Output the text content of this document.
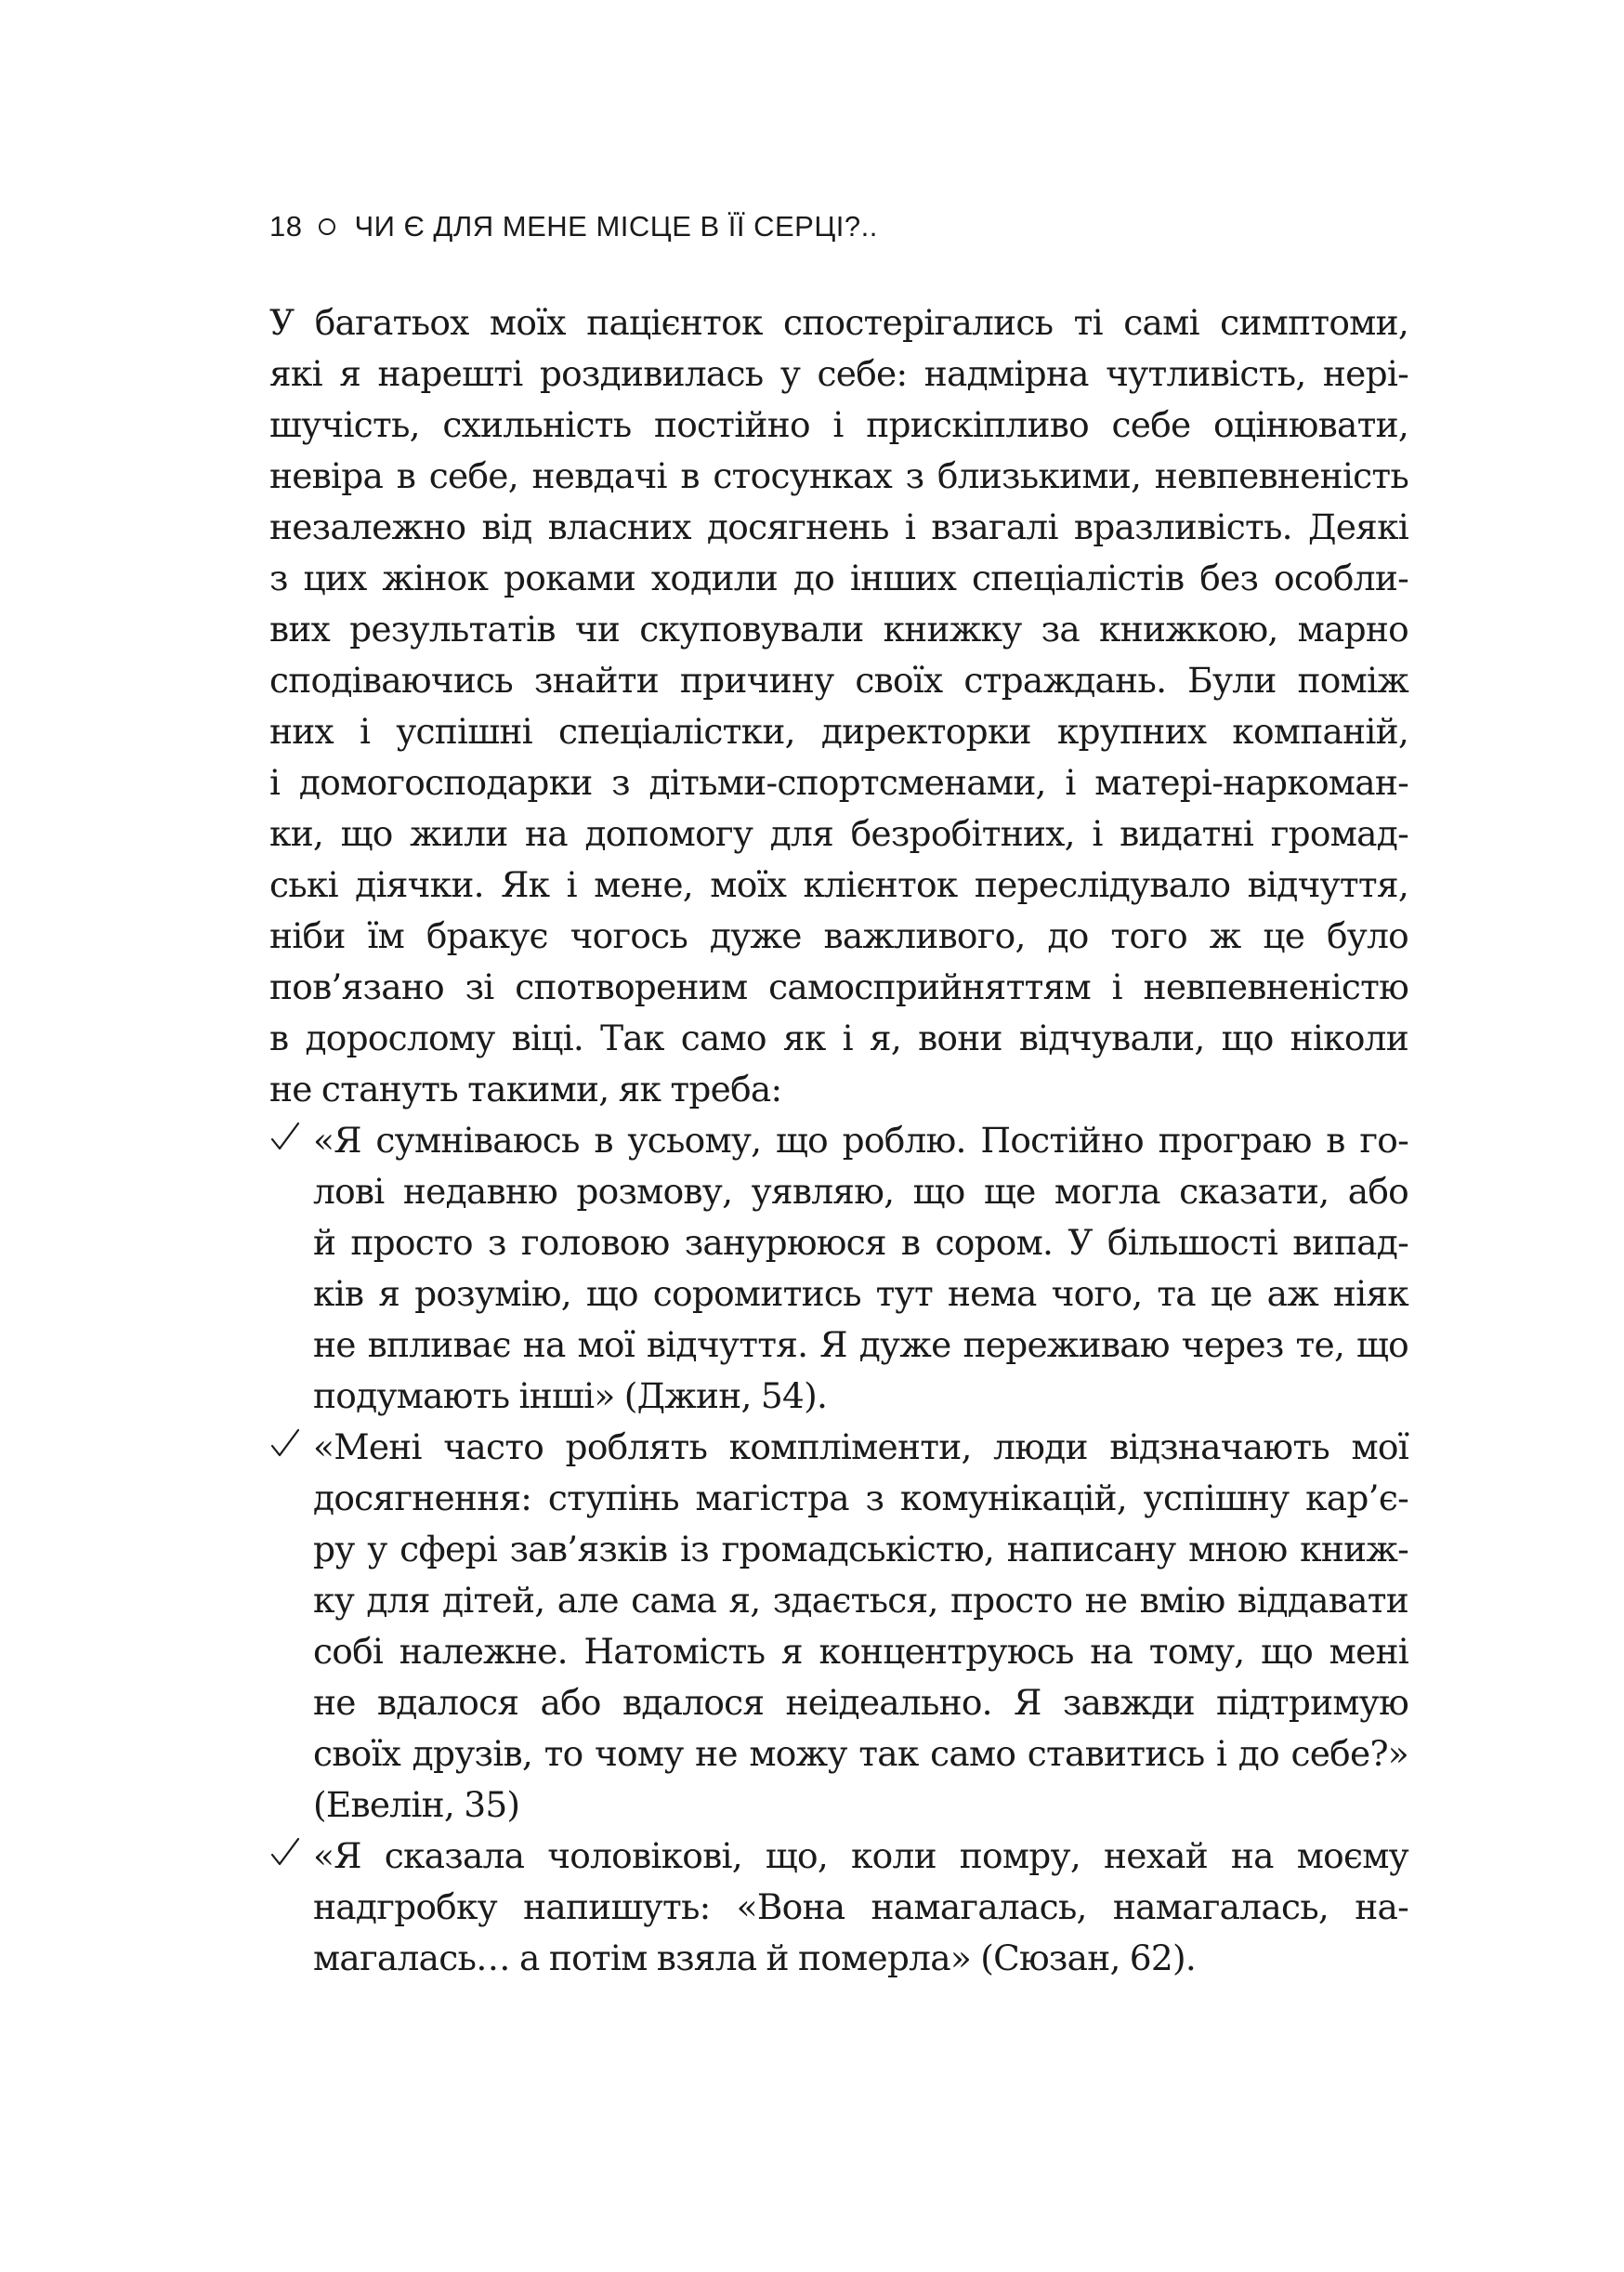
18 ЧИ Є ДЛЯ МЕНЕ МІСЦЕ В ЇЇ СЕРЦІ?..
У багатьох моїх пацієнток спостерігались ті самі симптоми,
які я нарешті роздивилась у себе: надмірна чутливість, нері-
шучість, схильність постійно і прискіпливо себе оцінювати,
невіра в себе, невдачі в стосунках з близькими, невпевненість
незалежно від власних досягнень і взагалі вразливість. Деякі
з цих жінок роками ходили до інших спеціалістів без особли-
вих результатів чи скуповували книжку за книжкою, марно
сподіваючись знайти причину своїх страждань. Були поміж
них і успішні спеціалістки, директорки крупних компаній,
і домогосподарки з дітьми-спортсменами, і матері-наркоман-
ки, що жили на допомогу для безробітних, і видатні громад-
ські діячки. Як і мене, моїх клієнток переслідувало відчуття,
ніби їм бракує чогось дуже важливого, до того ж це було
пов’язано зі спотвореним самосприйняттям і невпевненістю
в дорослому віці. Так само як і я, вони відчували, що ніколи
не стануть такими, як треба:
«Я сумніваюсь в усьому, що роблю. Постійно програю в го-
лові недавню розмову, уявляю, що ще могла сказати, або
й просто з головою занурююся в сором. У більшості випад-
ків я розумію, що соромитись тут нема чого, та це аж ніяк
не впливає на мої відчуття. Я дуже переживаю через те, що
подумають інші» (Джин, 54).
«Мені часто роблять компліменти, люди відзначають мої
досягнення: ступінь магістра з комунікацій, успішну кар’є-
ру у сфері зав’язків із громадськістю, написану мною книж-
ку для дітей, але сама я, здається, просто не вмію віддавати
собі належне. Натомість я концентруюсь на тому, що мені
не вдалося або вдалося неідеально. Я завжди підтримую
своїх друзів, то чому не можу так само ставитись і до себе?»
(Евелін, 35)
«Я сказала чоловікові, що, коли помру, нехай на моєму
надгробку напишуть: «Вона намагалась, намагалась, на-
магалась… а потім взяла й померла» (Сюзан, 62).
